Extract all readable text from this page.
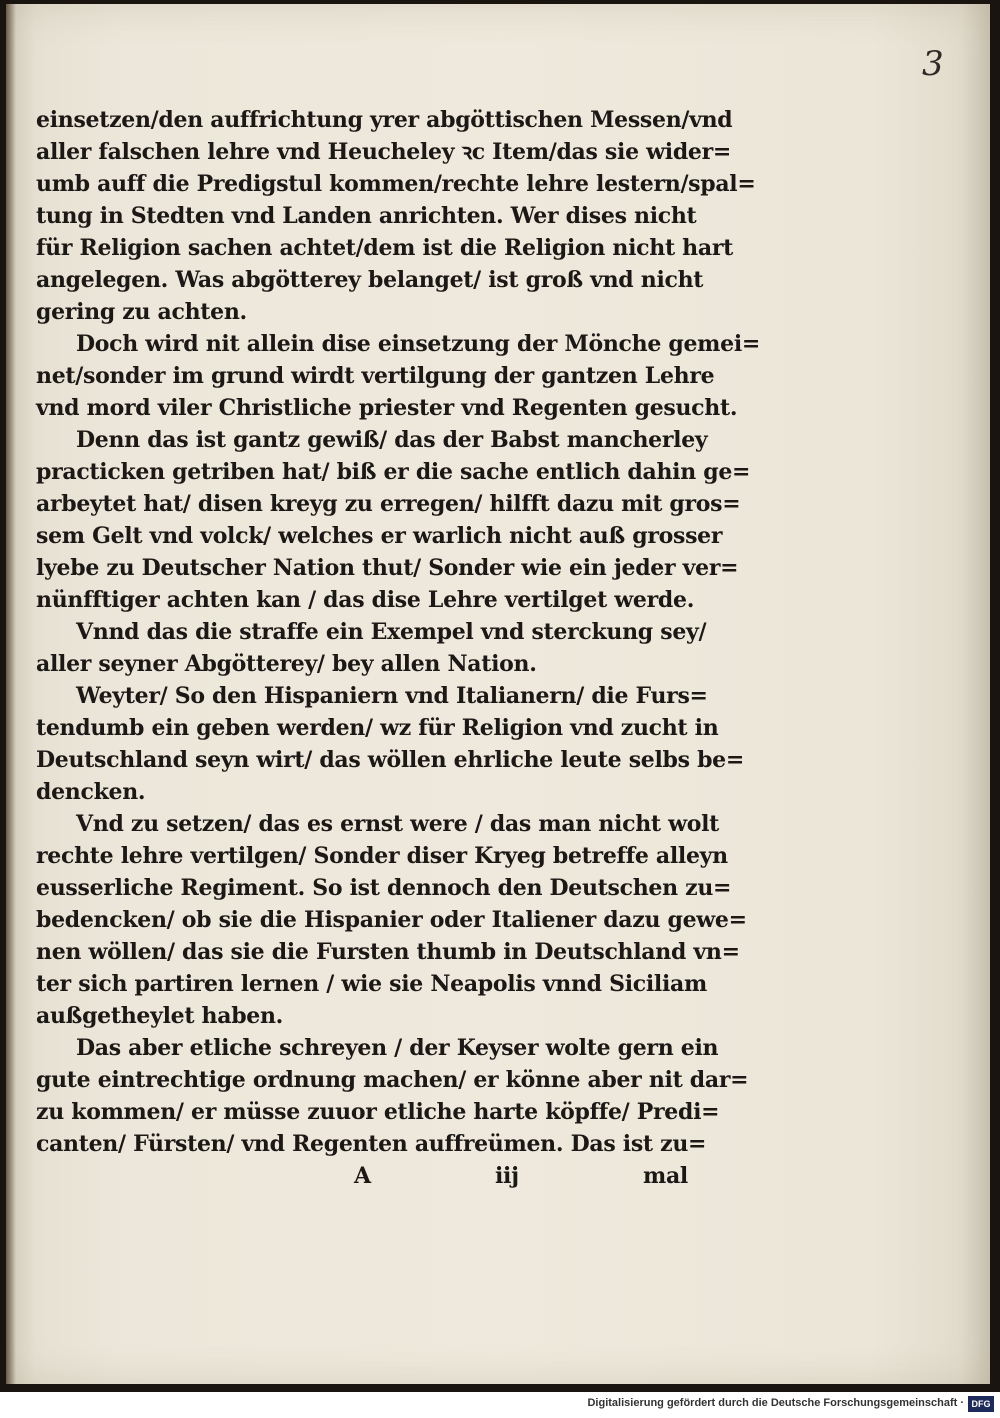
3
einsetzen/den auffrichtung yrer abgöttischen Messen/vnd
aller falschen lehre vnd Heucheley ꝛc Item/das sie wider=
umb auff die Predigstul kommen/rechte lehre lestern/spal=
tung in Stedten vnd Landen anrichten. Wer dises nicht
für Religion sachen achtet/dem ist die Religion nicht hart
angelegen. Was abgötterey belanget/ ist groß vnd nicht
gering zu achten.
Doch wird nit allein dise einsetzung der Mönche gemei=
net/sonder im grund wirdt vertilgung der gantzen Lehre
vnd mord viler Christliche priester vnd Regenten gesucht.
Denn das ist gantz gewiß/ das der Babst mancherley
practicken getriben hat/ biß er die sache entlich dahin ge=
arbeytet hat/ disen kreyg zu erregen/ hilfft dazu mit gros=
sem Gelt vnd volck/ welches er warlich nicht auß grosser
lyebe zu Deutscher Nation thut/ Sonder wie ein jeder ver=
nünfftiger achten kan / das dise Lehre vertilget werde.
Vnnd das die straffe ein Exempel vnd sterckung sey/
aller seyner Abgötterey/ bey allen Nation.
Weyter/ So den Hispaniern vnd Italianern/ die Furs=
tendumb ein geben werden/ wz für Religion vnd zucht in
Deutschland seyn wirt/ das wöllen ehrliche leute selbs be=
dencken.
Vnd zu setzen/ das es ernst were / das man nicht wolt
rechte lehre vertilgen/ Sonder diser Kryeg betreffe alleyn
eusserliche Regiment. So ist dennoch den Deutschen zu=
bedencken/ ob sie die Hispanier oder Italiener dazu gewe=
nen wöllen/ das sie die Fursten thumb in Deutschland vn=
ter sich partiren lernen / wie sie Neapolis vnnd Siciliam
außgetheylet haben.
Das aber etliche schreyen / der Keyser wolte gern ein
gute eintrechtige ordnung machen/ er könne aber nit dar=
zu kommen/ er müsse zuuor etliche harte köpffe/ Predi=
canten/ Fürsten/ vnd Regenten auffreümen. Das ist zu=
A	iij	mal
Digitalisierung gefördert durch die Deutsche Forschungsgemeinschaft · DFG
